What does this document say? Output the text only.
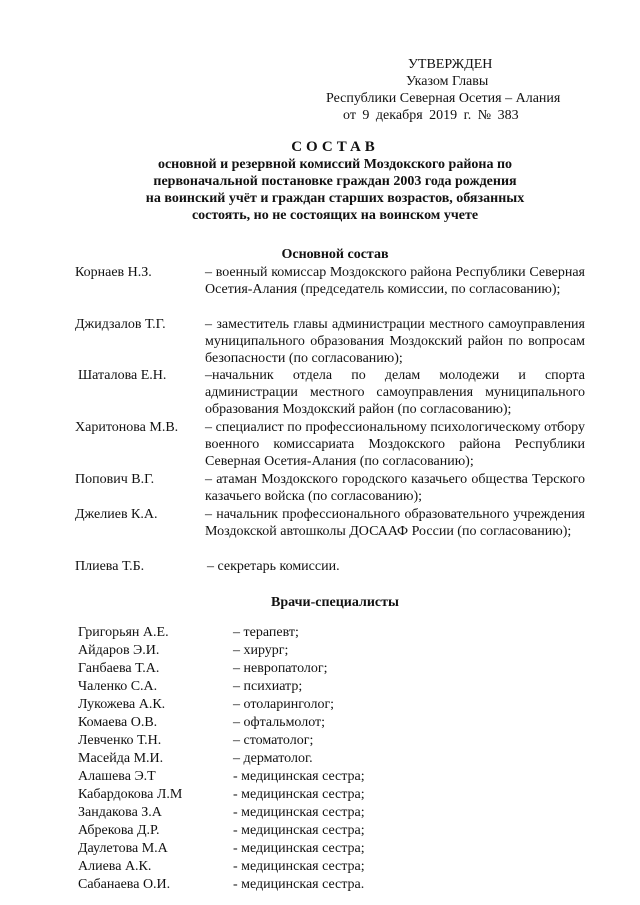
УТВЕРЖДЕН
Указом Главы
Республики Северная Осетия – Алания
от 9 декабря 2019 г. № 383
СОСТАВ
основной и резервной комиссий Моздокского района по
первоначальной постановке граждан 2003 года рождения
на воинский учёт и граждан старших возрастов, обязанных
состоять, но не состоящих на воинском учете
Основной состав
Корнаев Н.З.	– военный комиссар Моздокского района Республики Северная Осетия-Алания (председатель комиссии, по согласованию);
Джидзалов Т.Г.	– заместитель главы администрации местного самоуправления муниципального образования Моздокский район по вопросам безопасности (по согласованию);
Шаталова Е.Н.	–начальник отдела по делам молодежи и спорта администрации местного самоуправления муниципального образования Моздокский район (по согласованию);
Харитонова М.В. – специалист по профессиональному психологическому отбору военного комиссариата Моздокского района Республики Северная Осетия-Алания (по согласованию);
Попович В.Г.	– атаман Моздокского городского казачьего общества Терского казачьего войска (по согласованию);
Джелиев К.А.	– начальник профессионального образовательного учреждения Моздокской автошколы ДОСААФ России (по согласованию);
Плиева Т.Б.	– секретарь комиссии.
Врачи-специалисты
Григорьян А.Е.	– терапевт;
Айдаров Э.И.	– хирург;
Ганбаева Т.А.	– невропатолог;
Чаленко С.А.	– психиатр;
Лукожева А.К.	– отоларинголог;
Комаева О.В.	– офтальмолот;
Левченко Т.Н.	– стоматолог;
Масейда М.И.	– дерматолог.
Алашева Э.Т	- медицинская сестра;
Кабардокова Л.М	- медицинская сестра;
Зандакова З.А	- медицинская сестра;
Абрекова Д.Р.	- медицинская сестра;
Даулетова М.А	- медицинская сестра;
Алиева А.К.	- медицинская сестра;
Сабанаева О.И.	- медицинская сестра.
